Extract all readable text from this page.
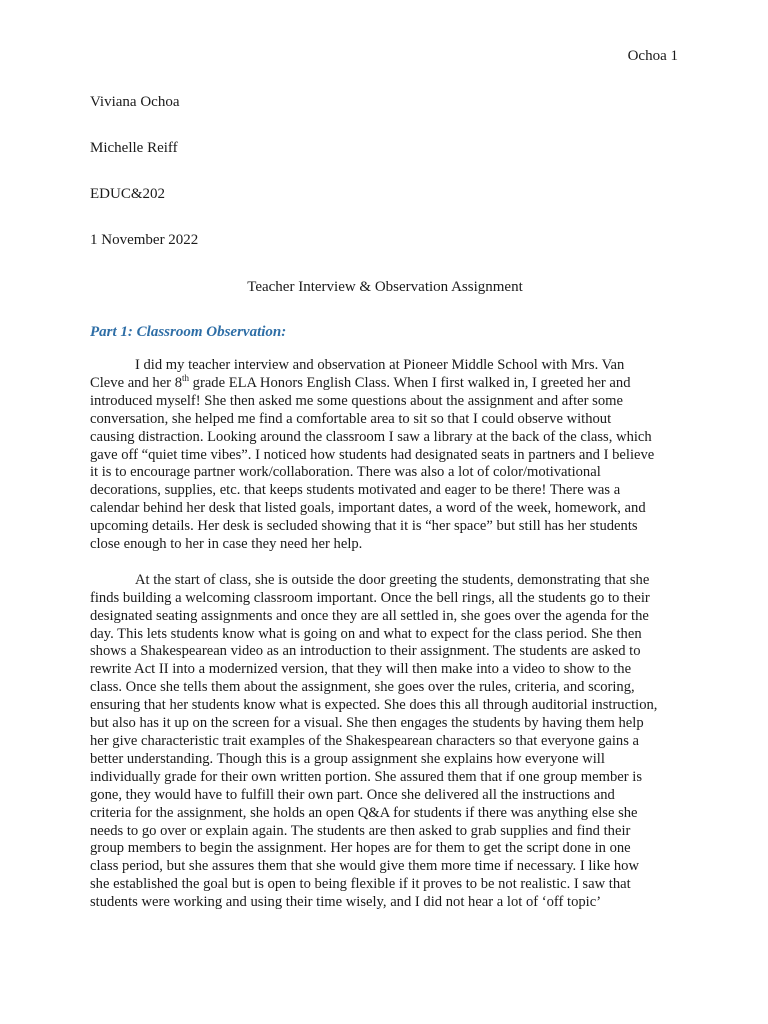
Ochoa 1
Viviana Ochoa
Michelle Reiff
EDUC&202
1 November 2022
Teacher Interview & Observation Assignment
Part 1: Classroom Observation:
I did my teacher interview and observation at Pioneer Middle School with Mrs. Van
Cleve and her 8th grade ELA Honors English Class. When I first walked in, I greeted her and
introduced myself! She then asked me some questions about the assignment and after some
conversation, she helped me find a comfortable area to sit so that I could observe without
causing distraction. Looking around the classroom I saw a library at the back of the class, which
gave off “quiet time vibes”. I noticed how students had designated seats in partners and I believe
it is to encourage partner work/collaboration. There was also a lot of color/motivational
decorations, supplies, etc. that keeps students motivated and eager to be there! There was a
calendar behind her desk that listed goals, important dates, a word of the week, homework, and
upcoming details. Her desk is secluded showing that it is “her space” but still has her students
close enough to her in case they need her help.
At the start of class, she is outside the door greeting the students, demonstrating that she
finds building a welcoming classroom important. Once the bell rings, all the students go to their
designated seating assignments and once they are all settled in, she goes over the agenda for the
day. This lets students know what is going on and what to expect for the class period. She then
shows a Shakespearean video as an introduction to their assignment. The students are asked to
rewrite Act II into a modernized version, that they will then make into a video to show to the
class. Once she tells them about the assignment, she goes over the rules, criteria, and scoring,
ensuring that her students know what is expected. She does this all through auditorial instruction,
but also has it up on the screen for a visual. She then engages the students by having them help
her give characteristic trait examples of the Shakespearean characters so that everyone gains a
better understanding. Though this is a group assignment she explains how everyone will
individually grade for their own written portion. She assured them that if one group member is
gone, they would have to fulfill their own part. Once she delivered all the instructions and
criteria for the assignment, she holds an open Q&A for students if there was anything else she
needs to go over or explain again. The students are then asked to grab supplies and find their
group members to begin the assignment. Her hopes are for them to get the script done in one
class period, but she assures them that she would give them more time if necessary. I like how
she established the goal but is open to being flexible if it proves to be not realistic. I saw that
students were working and using their time wisely, and I did not hear a lot of ‘off topic’
